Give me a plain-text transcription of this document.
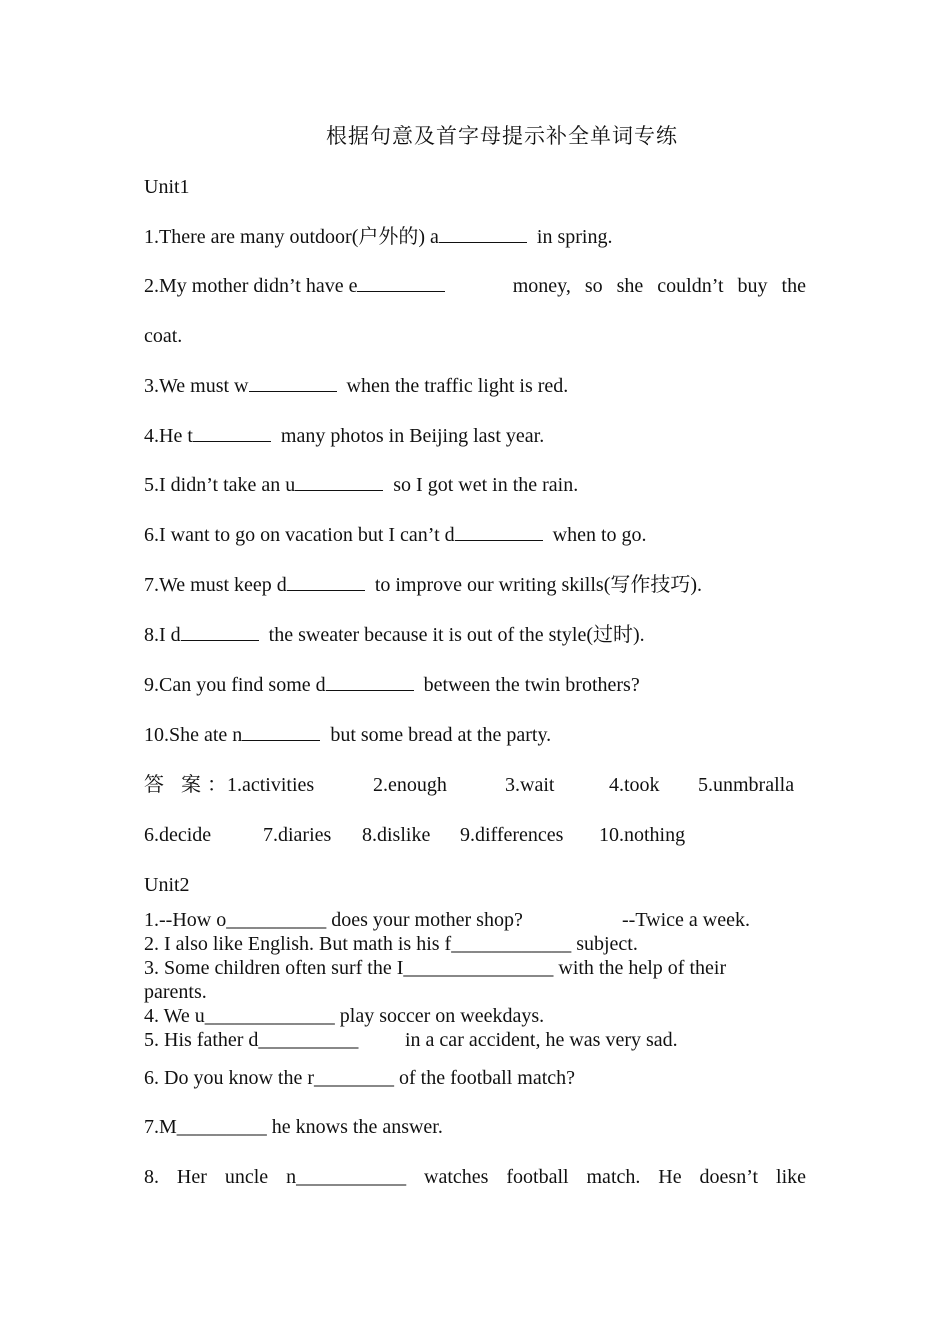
根据句意及首字母提示补全单词专练
Unit1
1.There are many outdoor(户外的) a	in spring.
2.My mother didn’t have e	money, so she couldn’t buy the
coat.
3.We must w	when the traffic light is red.
4.He t	many photos in Beijing last year.
5.I didn’t take an u	so I got wet in the rain.
6.I want to go on vacation but I can’t d	when to go.
7.We must keep d	to improve our writing skills(写作技巧).
8.I d	the sweater because it is out of the style(过时).
9.Can you find some d	between the twin brothers?
10.She ate n	but some bread at the party.
答 案：
1.activities	2.enough	3.wait	4.took 5.unmbralla
6.decide	7.diaries 8.dislike 9.differences 10.nothing
Unit2
1.--How o__________ does your mother shop?	--Twice a week.
2. I also like English. But math is his f____________ subject.
3. Some children often surf the I_______________ with the help of their
parents.
4. We u_____________ play soccer on weekdays.
5. His father d__________ in a car accident, he was very sad.
6. Do you know the r________ of the football match?
7.M_________ he knows the answer.
8. Her uncle n___________ watches football match. He doesn’t like
